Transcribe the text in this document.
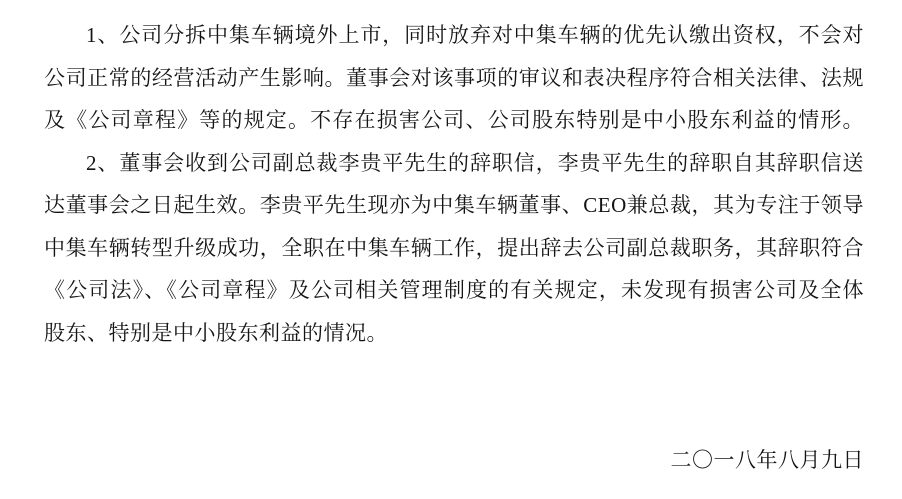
1、公司分拆中集车辆境外上市，同时放弃对中集车辆的优先认缴出资权，不会对
公司正常的经营活动产生影响。董事会对该事项的审议和表决程序符合相关法律、法规
及《公司章程》等的规定。不存在损害公司、公司股东特别是中小股东利益的情形。
2、董事会收到公司副总裁李贵平先生的辞职信，李贵平先生的辞职自其辞职信送
达董事会之日起生效。李贵平先生现亦为中集车辆董事、CEO兼总裁，其为专注于领导
中集车辆转型升级成功，全职在中集车辆工作，提出辞去公司副总裁职务，其辞职符合
《公司法》、《公司章程》及公司相关管理制度的有关规定，未发现有损害公司及全体
股东、特别是中小股东利益的情况。
二〇一八年八月九日
